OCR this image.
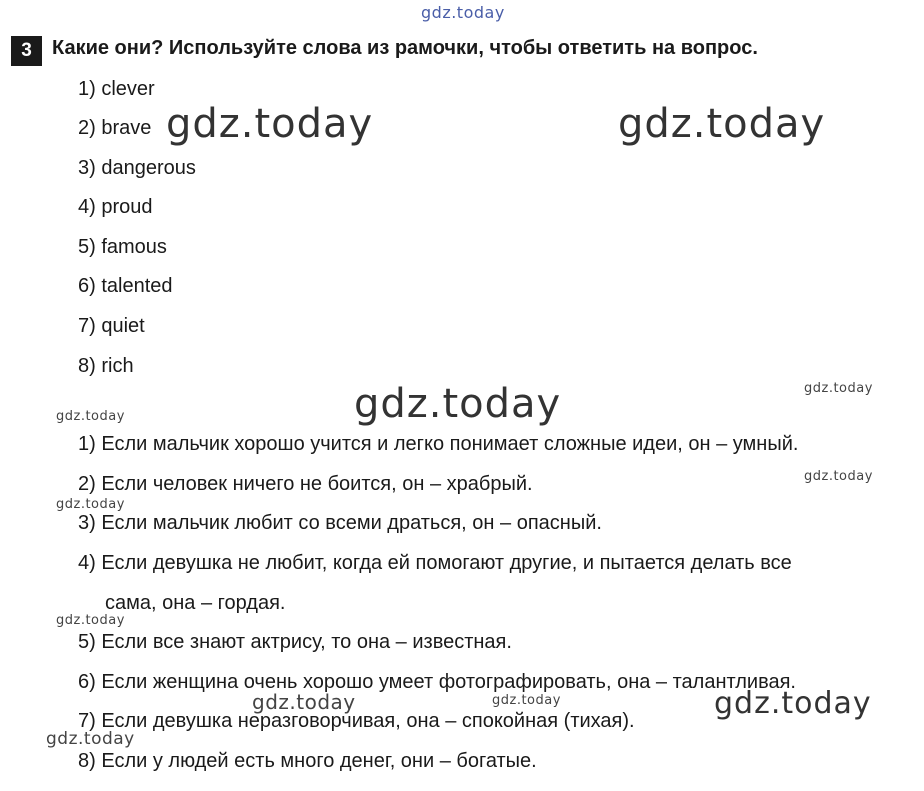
3	Какие они? Используйте слова из рамочки, чтобы ответить на вопрос.
1) clever
2) brave
3) dangerous
4) proud
5) famous
6) talented
7) quiet
8) rich
1) Если мальчик хорошо учится и легко понимает сложные идеи, он – умный.
2) Если человек ничего не боится, он – храбрый.
3) Если мальчик любит со всеми драться, он – опасный.
4) Если девушка не любит, когда ей помогают другие, и пытается делать все
сама, она – гордая.
5) Если все знают актрису, то она – известная.
6) Если женщина очень хорошо умеет фотографировать, она – талантливая.
7) Если девушка неразговорчивая, она – спокойная (тихая).
8) Если у людей есть много денег, они – богатые.
gdz.today
gdz.today	gdz.today
gdz.today
gdz.today
gdz.today
gdz.today
gdz.today
gdz.today
gdz.today
gdz.today	gdz.today
gdz.today
